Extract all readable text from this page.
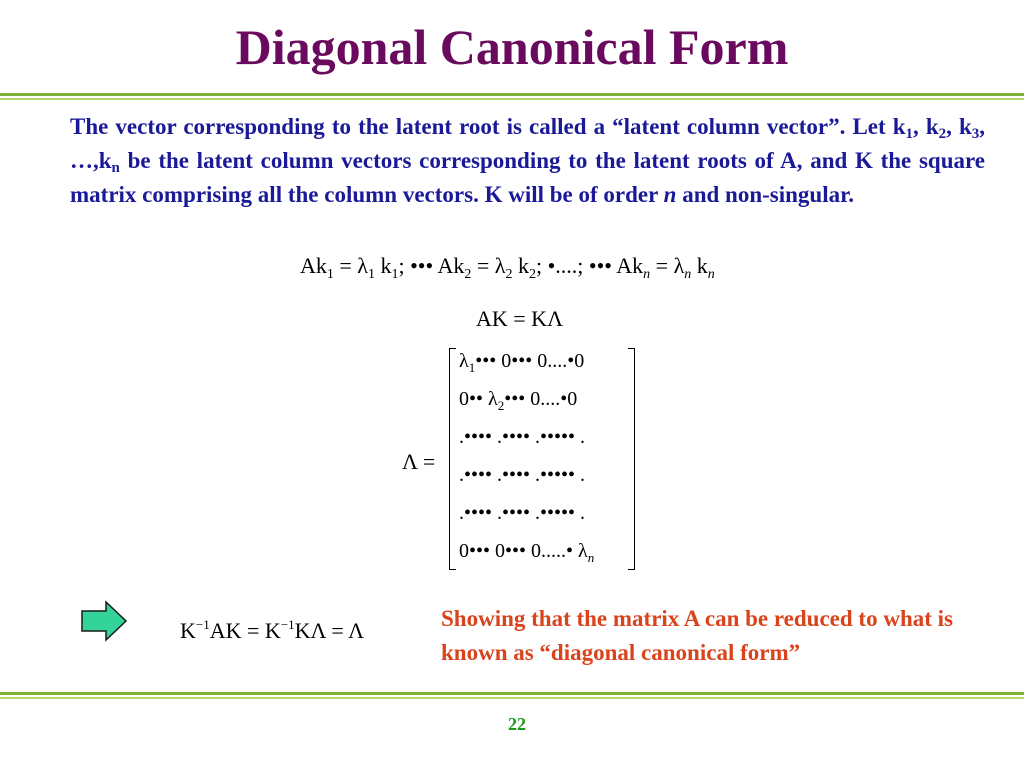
Diagonal Canonical Form

The vector corresponding to the latent root is called a “latent column vector”. Let $k_1$, $k_2$, $k_3$, $\dots,k_n$ be the latent column vectors corresponding to the latent roots of A, and K the square matrix comprising all the column vectors. K will be of order n and non-singular.

$Ak_1 = \lambda_1$ $k_1$; ••• $Ak_2 = \lambda_2$ $k_2$; •....; ••• $Ak_n = \lambda_n$ $k_n$
AK = KΛ
Λ =
$\lambda_1•••$ 0••• 0....•0
0•• $\lambda_2•••$ 0....•0
.•••• .•••• .••••• .
.•••• .•••• .••••• .
.•••• .•••• .••••• .
0••• 0••• 0.....• $\lambda_n$
$K^{-1}AK = K^{-1}K\Lambda = \Lambda$	Showing that the matrix A can be reduced to what is known as “diagonal canonical form”
22
